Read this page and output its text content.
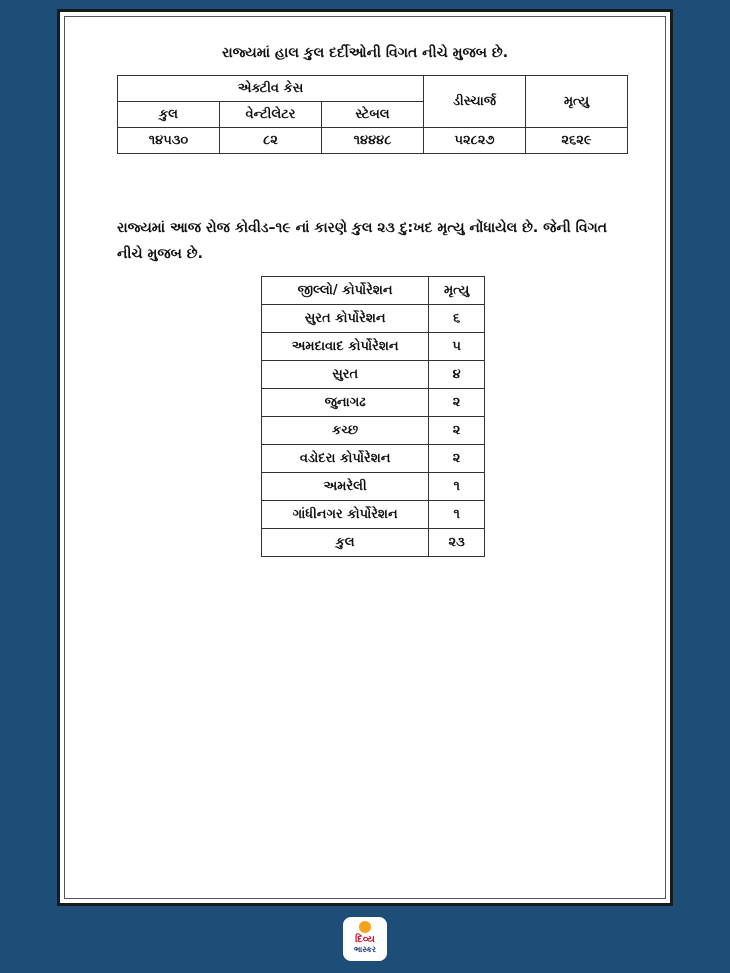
રાજ્યમાં હાલ કુલ દર્દીઓની વિગત નીચે મુજબ છે.
એક્ટીવ કેસ			ડીસ્ચાર્જ	મૃત્યુ
કુલ	વેન્ટીલેટર	સ્ટેબલ		
૧૪૫૩૦	૮૨	૧૪૪૪૮	૫૨૮૨૭	૨૬૨૯
રાજ્યમાં આજ રોજ કોવીડ–૧૯ નાં કારણે કુલ ૨૩ દુ:ખદ મૃત્યુ નોંધાયેલ છે. જેની વિગત નીચે મુજબ છે.
જીલ્લો/ કોર્પોરેશન	મૃત્યુ
સુરત કોર્પોરેશન	૬
અમદાવાદ કોર્પોરેશન	૫
સુરત	૪
જુનાગઢ	૨
કચ્છ	૨
વડોદરા કોર્પોરેશન	૨
અમરેલી	૧
ગાંધીનગર કોર્પોરેશન	૧
કુલ	૨૩
દિવ્ય
ભાસ્કર
